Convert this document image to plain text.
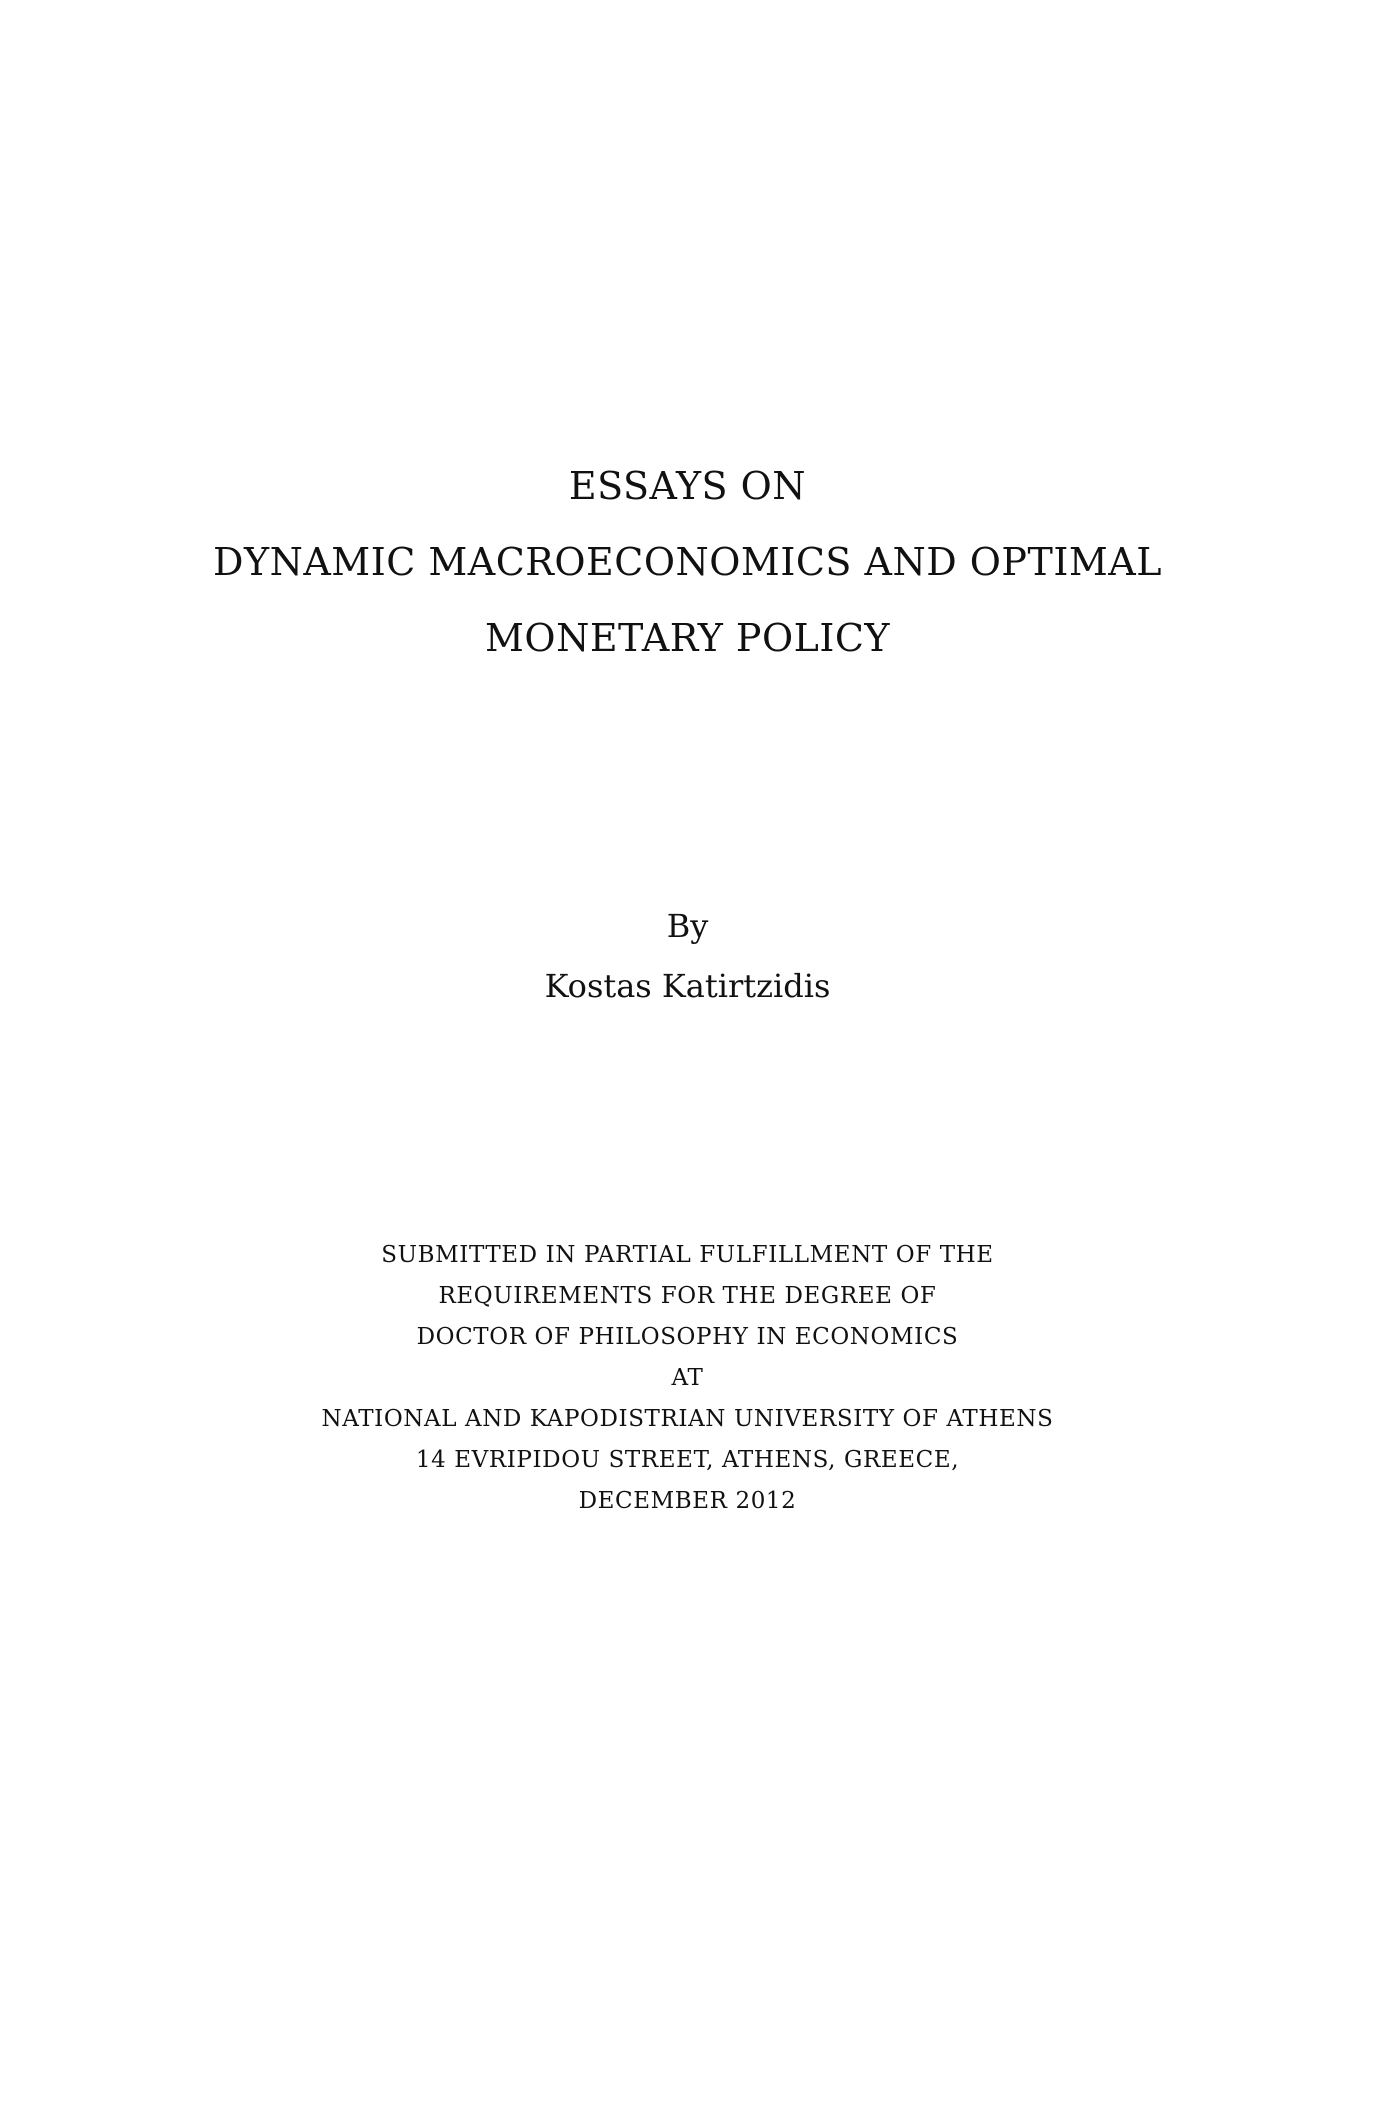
ESSAYS ON

DYNAMIC MACROECONOMICS AND OPTIMAL

MONETARY POLICY

By

Kostas Katirtzidis

SUBMITTED IN PARTIAL FULFILLMENT OF THE

REQUIREMENTS FOR THE DEGREE OF

DOCTOR OF PHILOSOPHY IN ECONOMICS

AT

NATIONAL AND KAPODISTRIAN UNIVERSITY OF ATHENS

14 EVRIPIDOU STREET, ATHENS, GREECE,

DECEMBER 2012
